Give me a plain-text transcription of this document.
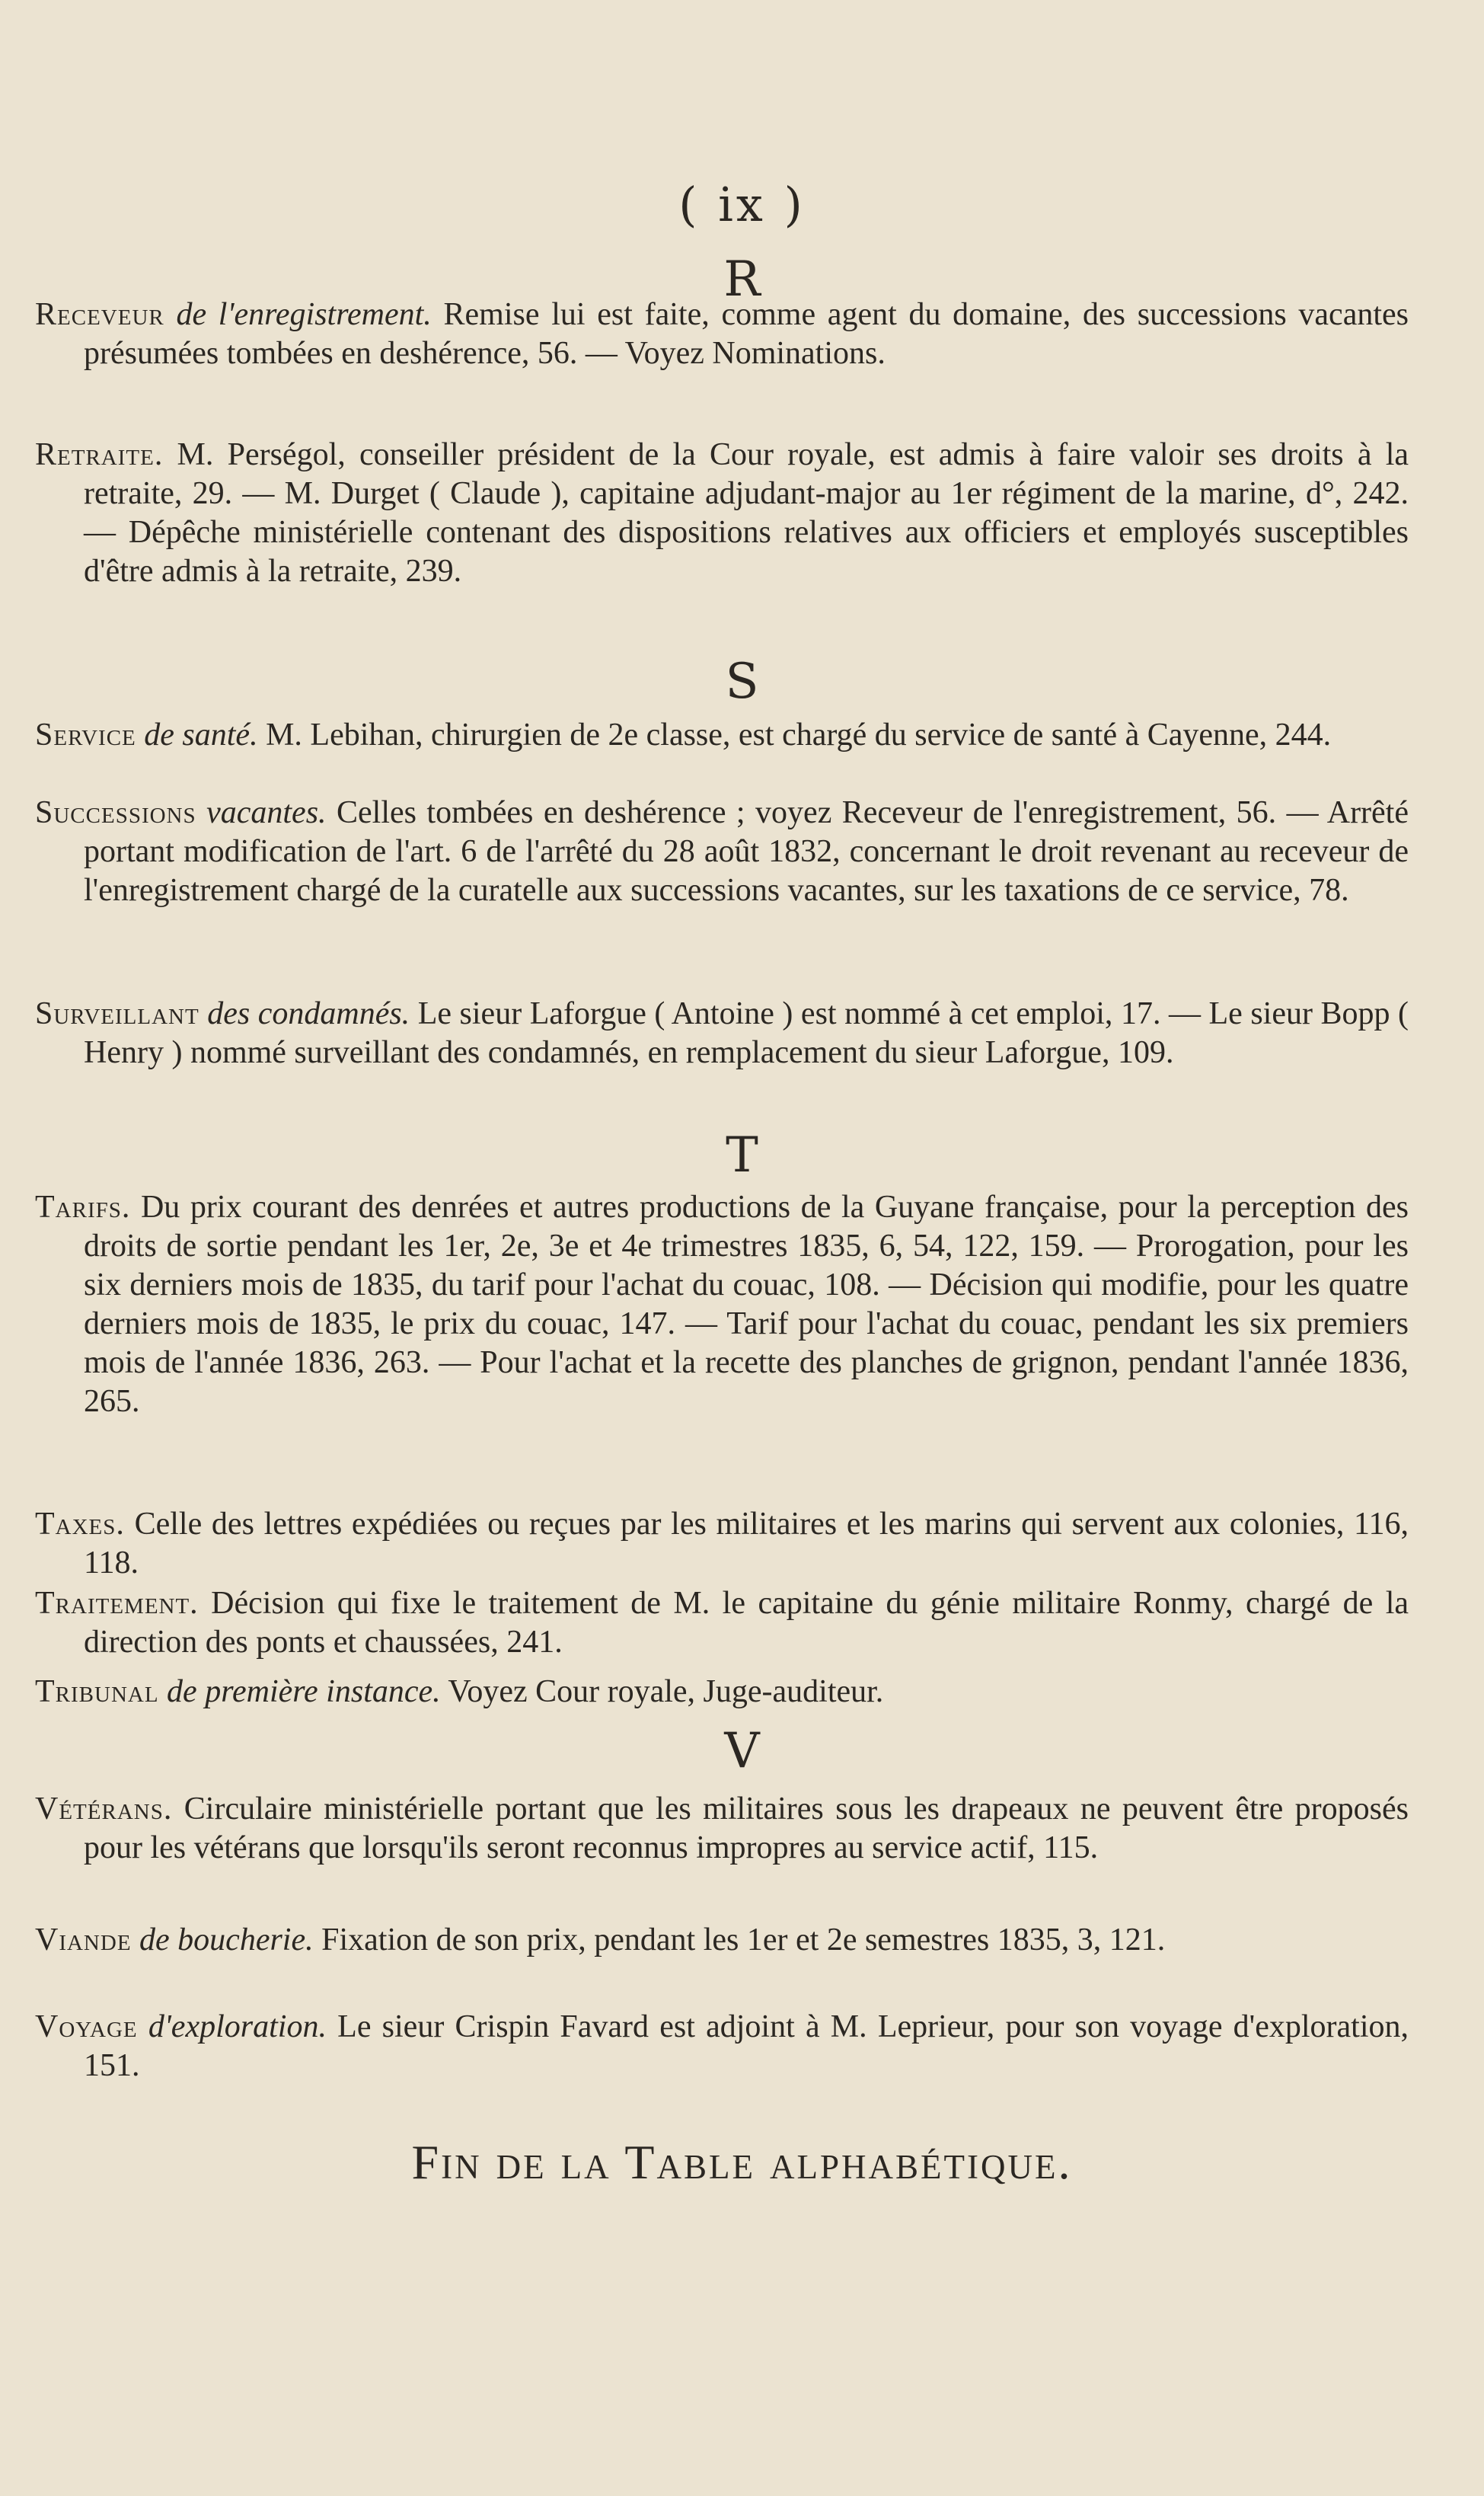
( ix )
R

Receveur de l'enregistrement. Remise lui est faite, comme agent du domaine, des successions vacantes présumées tombées en deshérence, 56. — Voyez Nominations.

Retraite. M. Perségol, conseiller président de la Cour royale, est admis à faire valoir ses droits à la retraite, 29. — M. Durget ( Claude ), capitaine adjudant-major au 1er régiment de la marine, d°, 242. — Dépêche ministérielle contenant des dispositions relatives aux officiers et employés susceptibles d'être admis à la retraite, 239.

S

Service de santé. M. Lebihan, chirurgien de 2e classe, est chargé du service de santé à Cayenne, 244.

Successions vacantes. Celles tombées en deshérence ; voyez Receveur de l'enregistrement, 56. — Arrêté portant modification de l'art. 6 de l'arrêté du 28 août 1832, concernant le droit revenant au receveur de l'enregistrement chargé de la curatelle aux successions vacantes, sur les taxations de ce service, 78.

Surveillant des condamnés. Le sieur Laforgue ( Antoine ) est nommé à cet emploi, 17. — Le sieur Bopp ( Henry ) nommé surveillant des condamnés, en remplacement du sieur Laforgue, 109.

T

Tarifs. Du prix courant des denrées et autres productions de la Guyane française, pour la perception des droits de sortie pendant les 1er, 2e, 3e et 4e trimestres 1835, 6, 54, 122, 159. — Prorogation, pour les six derniers mois de 1835, du tarif pour l'achat du couac, 108. — Décision qui modifie, pour les quatre derniers mois de 1835, le prix du couac, 147. — Tarif pour l'achat du couac, pendant les six premiers mois de l'année 1836, 263. — Pour l'achat et la recette des planches de grignon, pendant l'année 1836, 265.

Taxes. Celle des lettres expédiées ou reçues par les militaires et les marins qui servent aux colonies, 116, 118.

Traitement. Décision qui fixe le traitement de M. le capitaine du génie militaire Ronmy, chargé de la direction des ponts et chaussées, 241.

Tribunal de première instance. Voyez Cour royale, Juge-auditeur.

V

Vétérans. Circulaire ministérielle portant que les militaires sous les drapeaux ne peuvent être proposés pour les vétérans que lorsqu'ils seront reconnus impropres au service actif, 115.

Viande de boucherie. Fixation de son prix, pendant les 1er et 2e semestres 1835, 3, 121.

Voyage d'exploration. Le sieur Crispin Favard est adjoint à M. Leprieur, pour son voyage d'exploration, 151.

Fin de la Table alphabétique.
